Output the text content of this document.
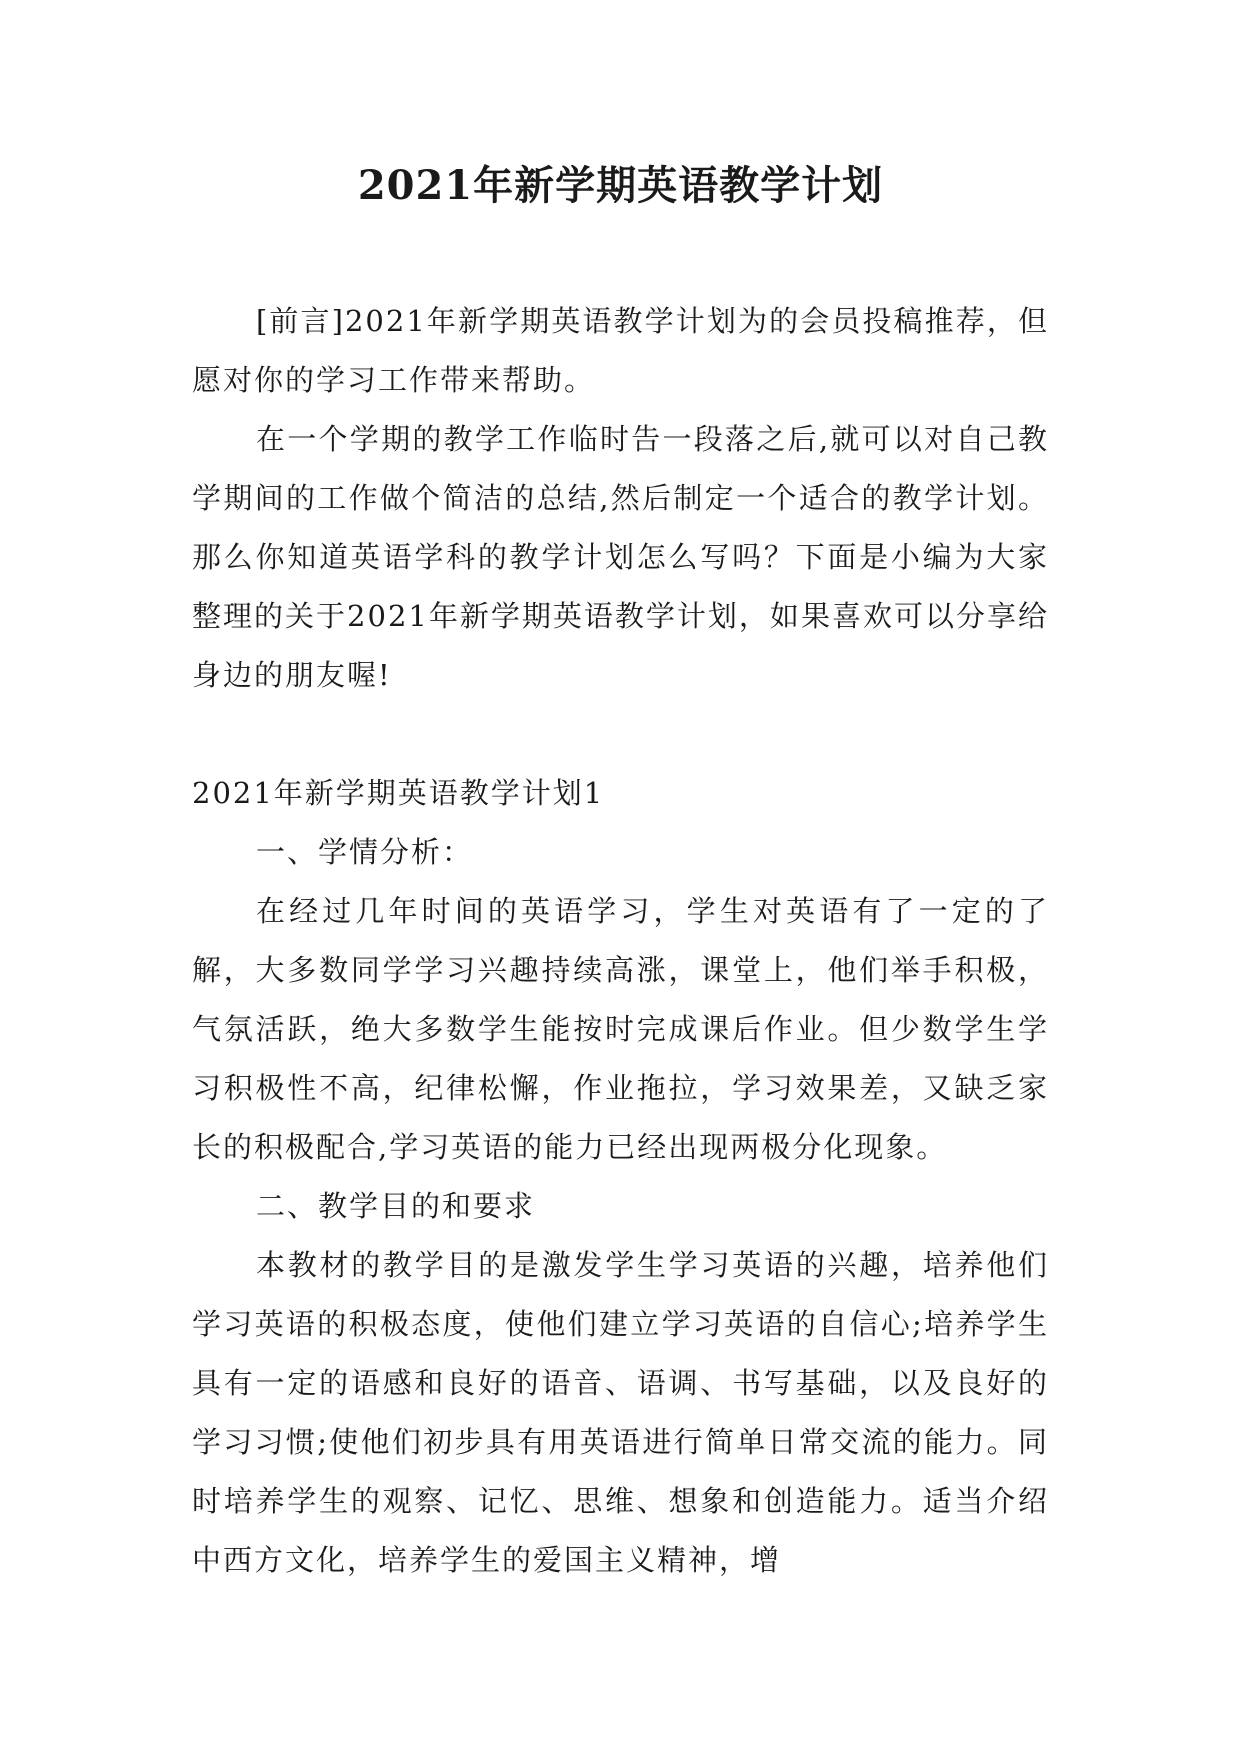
2021年新学期英语教学计划

[前言]2021年新学期英语教学计划为的会员投稿推荐，但愿对你的学习工作带来帮助。

在一个学期的教学工作临时告一段落之后,就可以对自己教学期间的工作做个简洁的总结,然后制定一个适合的教学计划。那么你知道英语学科的教学计划怎么写吗？下面是小编为大家整理的关于2021年新学期英语教学计划，如果喜欢可以分享给身边的朋友喔!

2021年新学期英语教学计划1

一、学情分析：

在经过几年时间的英语学习，学生对英语有了一定的了解，大多数同学学习兴趣持续高涨，课堂上，他们举手积极，气氛活跃，绝大多数学生能按时完成课后作业。但少数学生学习积极性不高，纪律松懈，作业拖拉，学习效果差，又缺乏家长的积极配合,学习英语的能力已经出现两极分化现象。

二、教学目的和要求

本教材的教学目的是激发学生学习英语的兴趣，培养他们学习英语的积极态度，使他们建立学习英语的自信心;培养学生具有一定的语感和良好的语音、语调、书写基础，以及良好的学习习惯;使他们初步具有用英语进行简单日常交流的能力。同时培养学生的观察、记忆、思维、想象和创造能力。适当介绍中西方文化，培养学生的爱国主义精神，增
